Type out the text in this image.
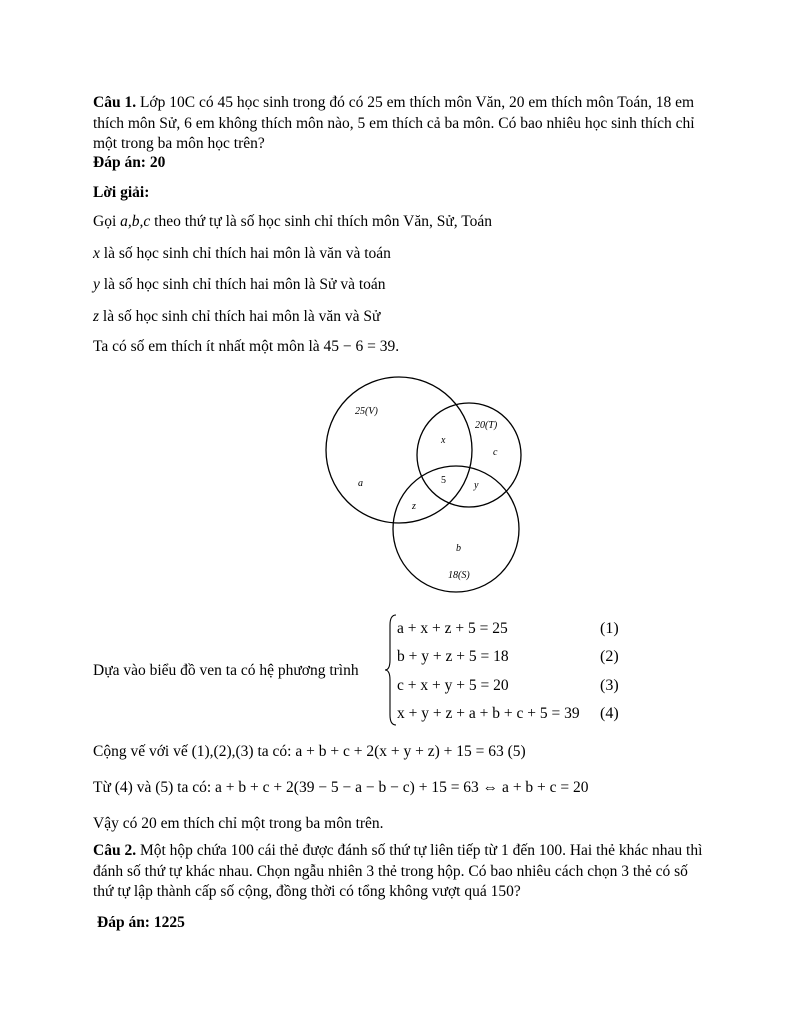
Câu 1. Lớp 10C có 45 học sinh trong đó có 25 em thích môn Văn, 20 em thích môn Toán, 18 em thích môn Sử, 6 em không thích môn nào, 5 em thích cả ba môn. Có bao nhiêu học sinh thích chỉ một trong ba môn học trên?
Đáp án: 20
Lời giải:
Gọi a,b,c theo thứ tự là số học sinh chỉ thích môn Văn, Sử, Toán
x là số học sinh chỉ thích hai môn là văn và toán
y là số học sinh chỉ thích hai môn là Sử và toán
z là số học sinh chỉ thích hai môn là văn và Sử
Ta có số em thích ít nhất một môn là 45 − 6 = 39.
25(V)
20(T)
18(S)
a
b
c
x
y
z
5
Dựa vào biểu đồ ven ta có hệ phương trình
a + x + z + 5 = 25	(1)
b + y + z + 5 = 18	(2)
c + x + y + 5 = 20	(3)
x + y + z + a + b + c + 5 = 39 (4)
Cộng vế với vế (1),(2),(3) ta có: a + b + c + 2(x + y + z) + 15 = 63 (5)
Từ (4) và (5) ta có: a + b + c + 2(39 − 5 − a − b − c) + 15 = 63 ⇔ a + b + c = 20
Vậy có 20 em thích chỉ một trong ba môn trên.
Câu 2. Một hộp chứa 100 cái thẻ được đánh số thứ tự liên tiếp từ 1 đến 100. Hai thẻ khác nhau thì đánh số thứ tự khác nhau. Chọn ngẫu nhiên 3 thẻ trong hộp. Có bao nhiêu cách chọn 3 thẻ có số thứ tự lập thành cấp số cộng, đồng thời có tổng không vượt quá 150?
Đáp án: 1225
